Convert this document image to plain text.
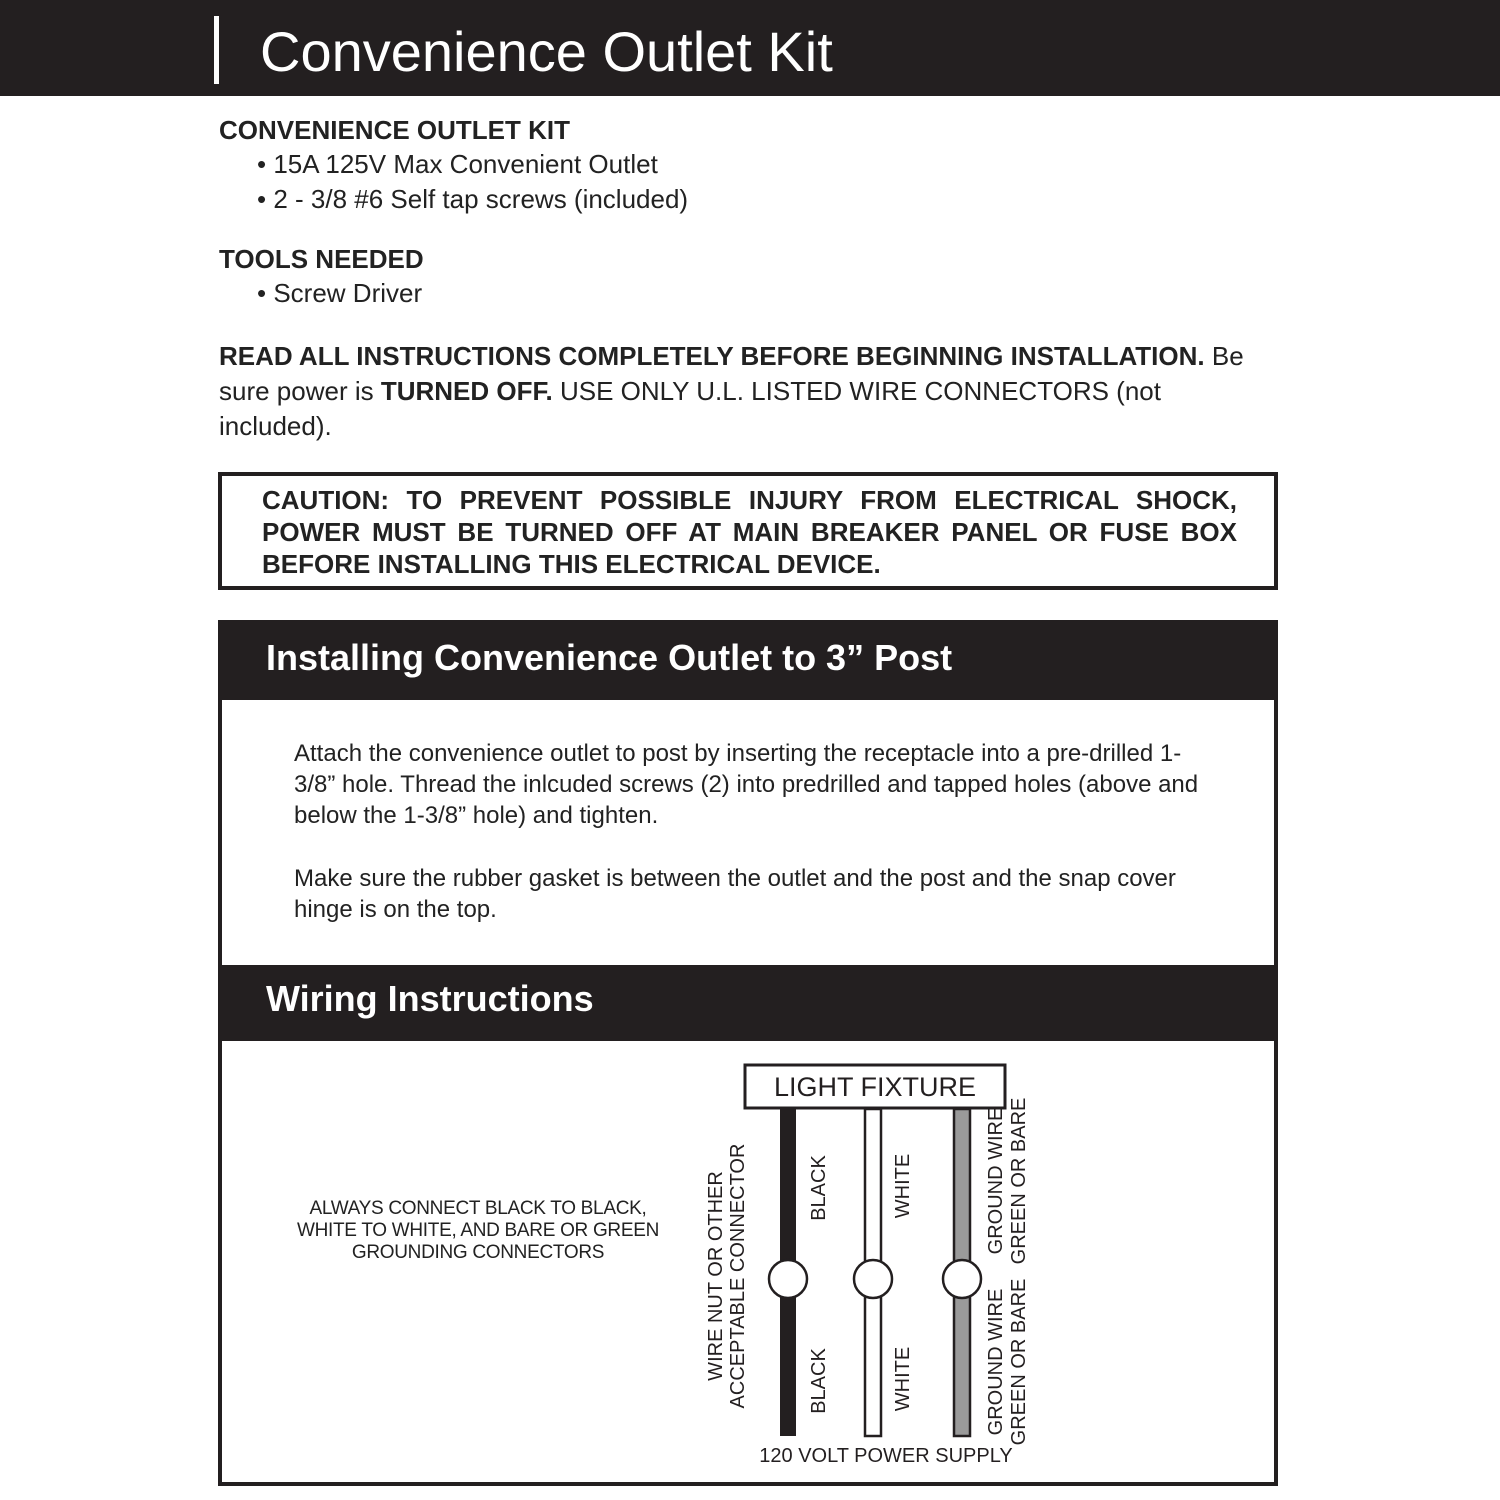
Convenience Outlet Kit
CONVENIENCE OUTLET KIT
• 15A 125V Max Convenient Outlet
• 2 - 3/8 #6 Self tap screws (included)
TOOLS NEEDED
• Screw Driver
READ ALL INSTRUCTIONS COMPLETELY BEFORE BEGINNING INSTALLATION. Be sure power is TURNED OFF. USE ONLY U.L. LISTED WIRE CONNECTORS (not included).
CAUTION: TO PREVENT POSSIBLE INJURY FROM ELECTRICAL SHOCK, POWER MUST BE TURNED OFF AT MAIN BREAKER PANEL OR FUSE BOX BEFORE INSTALLING THIS ELECTRICAL DEVICE.
Installing Convenience Outlet to 3” Post
Attach the convenience outlet to post by inserting the receptacle into a pre-drilled 1-3/8” hole. Thread the inlcuded screws (2) into predrilled and tapped holes (above and below the 1-3/8” hole) and tighten.
Make sure the rubber gasket is between the outlet and the post and the snap cover hinge is on the top.
Wiring Instructions
ALWAYS CONNECT BLACK TO BLACK, WHITE TO WHITE, AND BARE OR GREEN GROUNDING CONNECTORS
LIGHT FIXTURE
WIRE NUT OR OTHER ACCEPTABLE CONNECTOR	BLACK
BLACK
WHITE
WHITE
GROUND WIRE GREEN OR BARE
GROUND WIRE GREEN OR BARE
120 VOLT POWER SUPPLY
